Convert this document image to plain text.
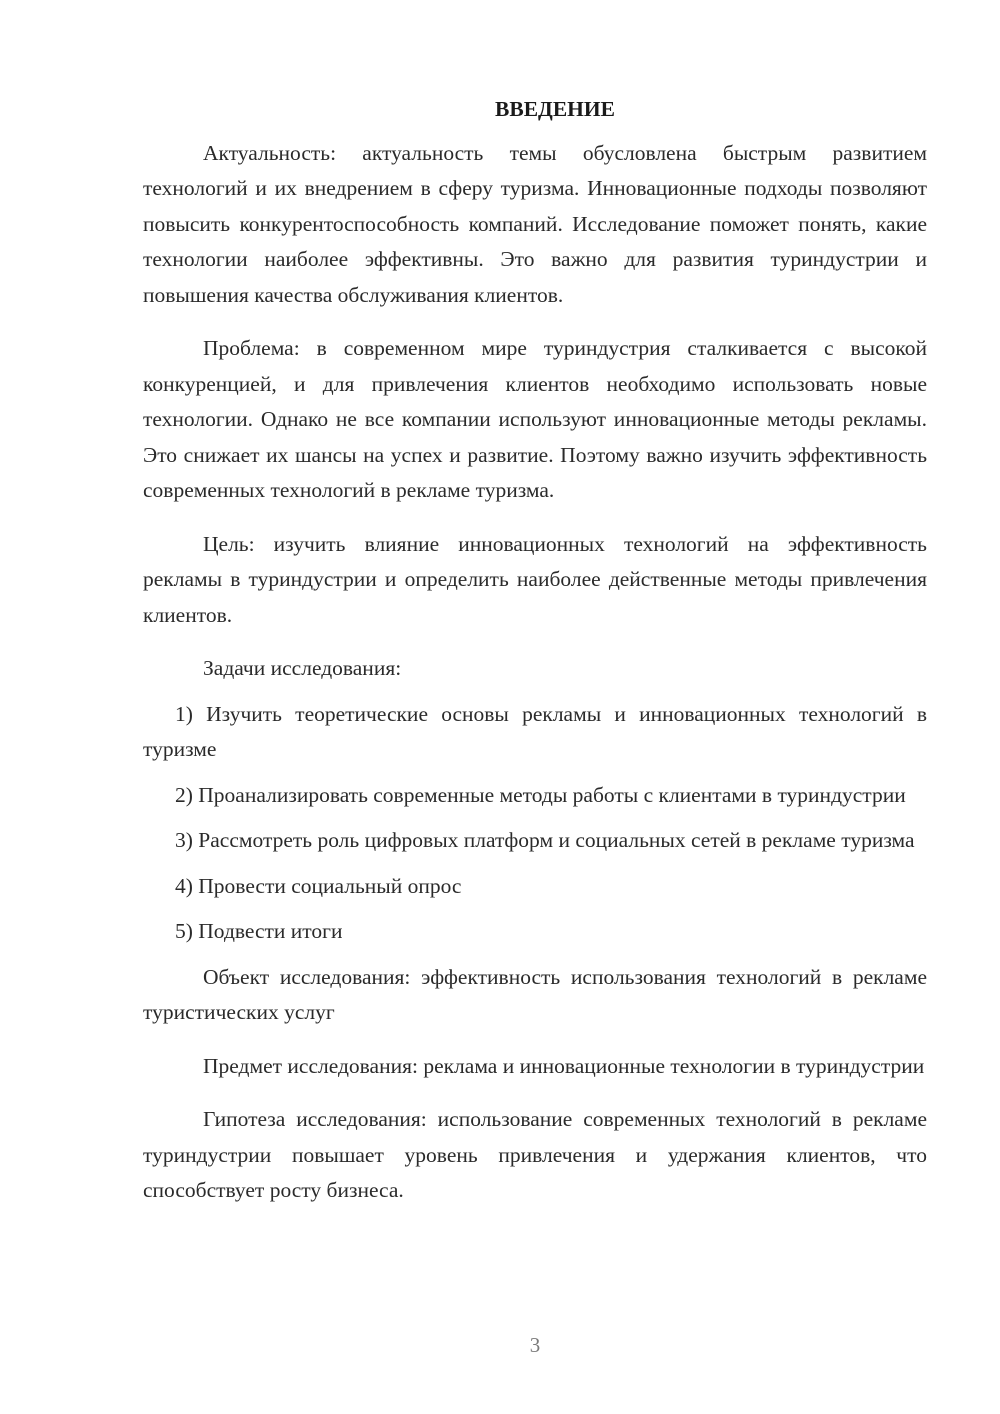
ВВЕДЕНИЕ

Актуальность: актуальность темы обусловлена быстрым развитием технологий и их внедрением в сферу туризма. Инновационные подходы позволяют повысить конкурентоспособность компаний. Исследование поможет понять, какие технологии наиболее эффективны. Это важно для развития туриндустрии и повышения качества обслуживания клиентов.

Проблема: в современном мире туриндустрия сталкивается с высокой конкуренцией, и для привлечения клиентов необходимо использовать новые технологии. Однако не все компании используют инновационные методы рекламы. Это снижает их шансы на успех и развитие. Поэтому важно изучить эффективность современных технологий в рекламе туризма.

Цель: изучить влияние инновационных технологий на эффективность рекламы в туриндустрии и определить наиболее действенные методы привлечения клиентов.

Задачи исследования:

1) Изучить теоретические основы рекламы и инновационных технологий в туризме

2) Проанализировать современные методы работы с клиентами в туриндустрии

3) Рассмотреть роль цифровых платформ и социальных сетей в рекламе туризма

4) Провести социальный опрос

5) Подвести итоги

Объект исследования: эффективность использования технологий в рекламе туристических услуг

Предмет исследования: реклама и инновационные технологии в туриндустрии

Гипотеза исследования: использование современных технологий в рекламе туриндустрии повышает уровень привлечения и удержания клиентов, что способствует росту бизнеса.

3
